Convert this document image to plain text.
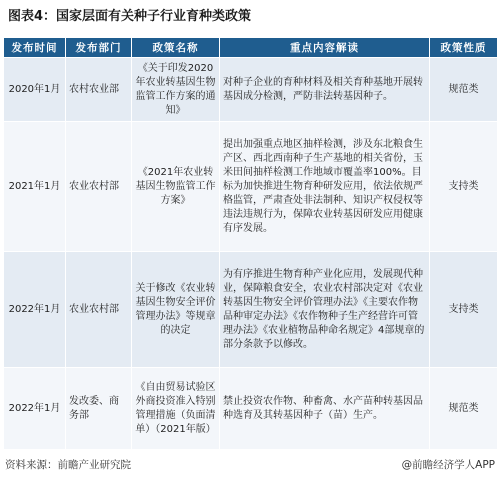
图表4：国家层面有关种子行业育种类政策
发布时间	发布部门	政策名称	重点内容解读	政策性质
2020年1月	农村农业部	《关于印发2020年农业转基因生物监管工作方案的通知》	对种子企业的育种材料及相关育种基地开展转基因成分检测，严防非法转基因种子。	规范类
2021年1月	农业农村部	《2021年农业转基因生物监管工作方案》	提出加强重点地区抽样检测，涉及东北粮食生产区、西北西南种子生产基地的相关省份，玉米田间抽样检测工作地域市覆盖率100%。目标为加快推进生物育种研发应用，依法依规严格监管，严肃查处非法制种、知识产权侵权等违法违规行为，保障农业转基因研发应用健康有序发展。	支持类
2022年1月	农业农村部	关于修改《农业转基因生物安全评价管理办法》等规章的决定	为有序推进生物育种产业化应用，发展现代种业，保障粮食安全，农业农村部决定对《农业转基因生物安全评价管理办法》《主要农作物品种审定办法》《农作物种子生产经营许可管理办法》《农业植物品种命名规定》4部规章的部分条款予以修改。	支持类
2022年1月	发改委、商务部	《自由贸易试验区外商投资准入特别管理措施（负面清单）（2021年版）	禁止投资农作物、种畜禽、水产苗种转基因品种选育及其转基因种子（苗）生产。	规范类
资料来源：前瞻产业研究院	@前瞻经济学人APP
